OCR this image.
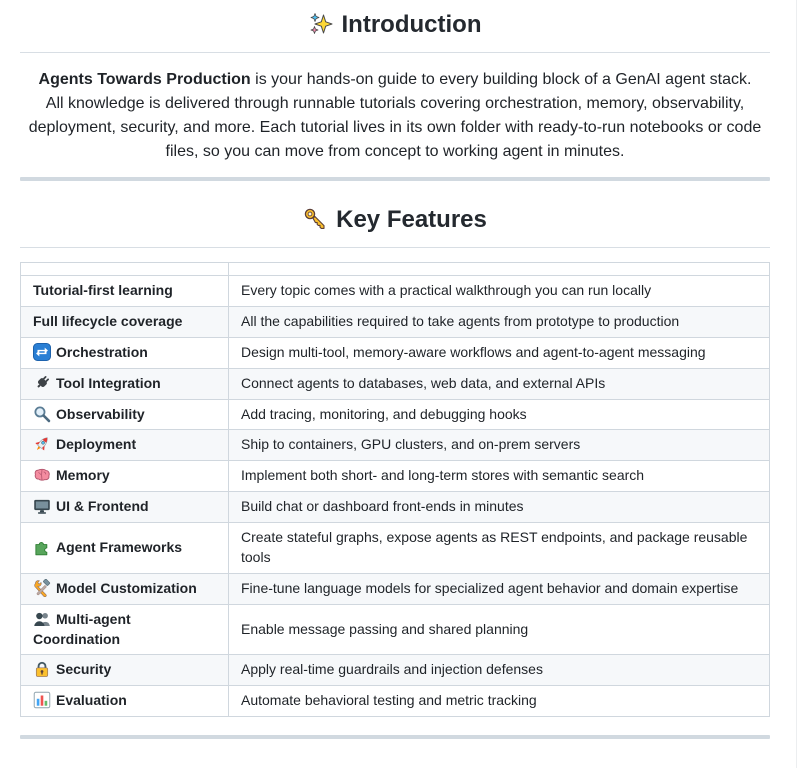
Introduction

Agents Towards Production is your hands-on guide to every building block of a GenAI agent stack.
All knowledge is delivered through runnable tutorials covering orchestration, memory, observability, deployment, security, and more. Each tutorial lives in its own folder with ready-to-run notebooks or code files, so you can move from concept to working agent in minutes.

Key Features

Tutorial-first learning	Every topic comes with a practical walkthrough you can run locally
Full lifecycle coverage	All the capabilities required to take agents from prototype to production

Orchestration	Design multi-tool, memory-aware workflows and agent-to-agent messaging

Tool Integration	Connect agents to databases, web data, and external APIs

Observability	Add tracing, monitoring, and debugging hooks

Deployment	Ship to containers, GPU clusters, and on-prem servers

Memory	Implement both short- and long-term stores with semantic search

UI & Frontend	Build chat or dashboard front-ends in minutes

Agent Frameworks	Create stateful graphs, expose agents as REST endpoints, and package reusable tools

Model Customization	Fine-tune language models for specialized agent behavior and domain expertise

Multi-agent Coordination	Enable message passing and shared planning

Security	Apply real-time guardrails and injection defenses

Evaluation	Automate behavioral testing and metric tracking
